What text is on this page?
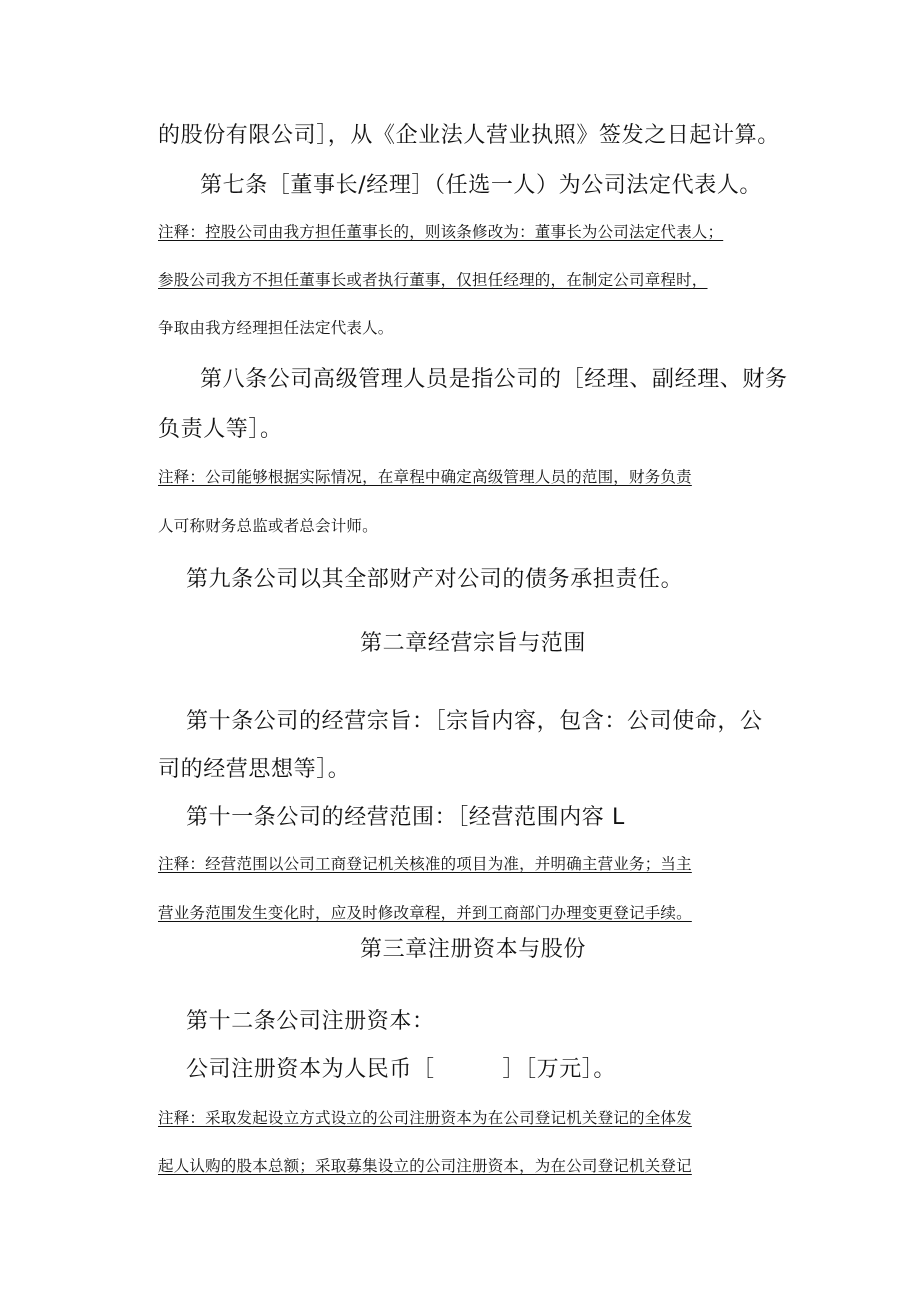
的股份有限公司］，从《企业法人营业执照》签发之日起计算。

第七条［董事长/经理］（任选一人）为公司法定代表人。

注释：控股公司由我方担任董事长的，则该条修改为：董事长为公司法定代表人；

参股公司我方不担任董事长或者执行董事，仅担任经理的，在制定公司章程时，

争取由我方经理担任法定代表人。

第八条公司高级管理人员是指公司的［经理、副经理、财务

负责人等］。

注释：公司能够根据实际情况，在章程中确定高级管理人员的范围，财务负责

人可称财务总监或者总会计师。

第九条公司以其全部财产对公司的债务承担责任。

第二章经营宗旨与范围

第十条公司的经营宗旨：［宗旨内容，包含：公司使命，公

司的经营思想等］。

第十一条公司的经营范围：［经营范围内容 L

注释：经营范围以公司工商登记机关核准的项目为准，并明确主营业务；当主

营业务范围发生变化时，应及时修改章程，并到工商部门办理变更登记手续。

第三章注册资本与股份

第十二条公司注册资本：

公司注册资本为人民币［　　　］［万元］。

注释：采取发起设立方式设立的公司注册资本为在公司登记机关登记的全体发

起人认购的股本总额；采取募集设立的公司注册资本，为在公司登记机关登记
